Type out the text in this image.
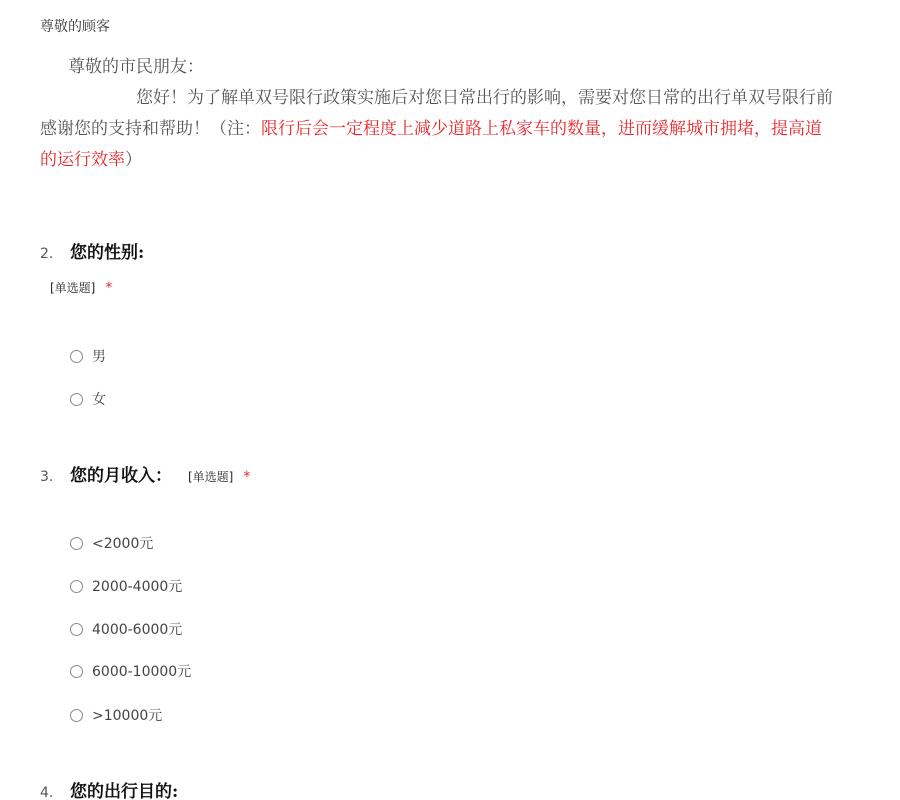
尊敬的顾客
尊敬的市民朋友：
您好！为了解单双号限行政策实施后对您日常出行的影响，需要对您日常的出行单双号限行前
感谢您的支持和帮助！（注：限行后会一定程度上减少道路上私家车的数量，进而缓解城市拥堵，提高道
的运行效率）
2. 您的性别:
[单选题] *
男
女
3. 您的月收入： [单选题] *
<2000元
2000-4000元
4000-6000元
6000-10000元
>10000元
4. 您的出行目的:
